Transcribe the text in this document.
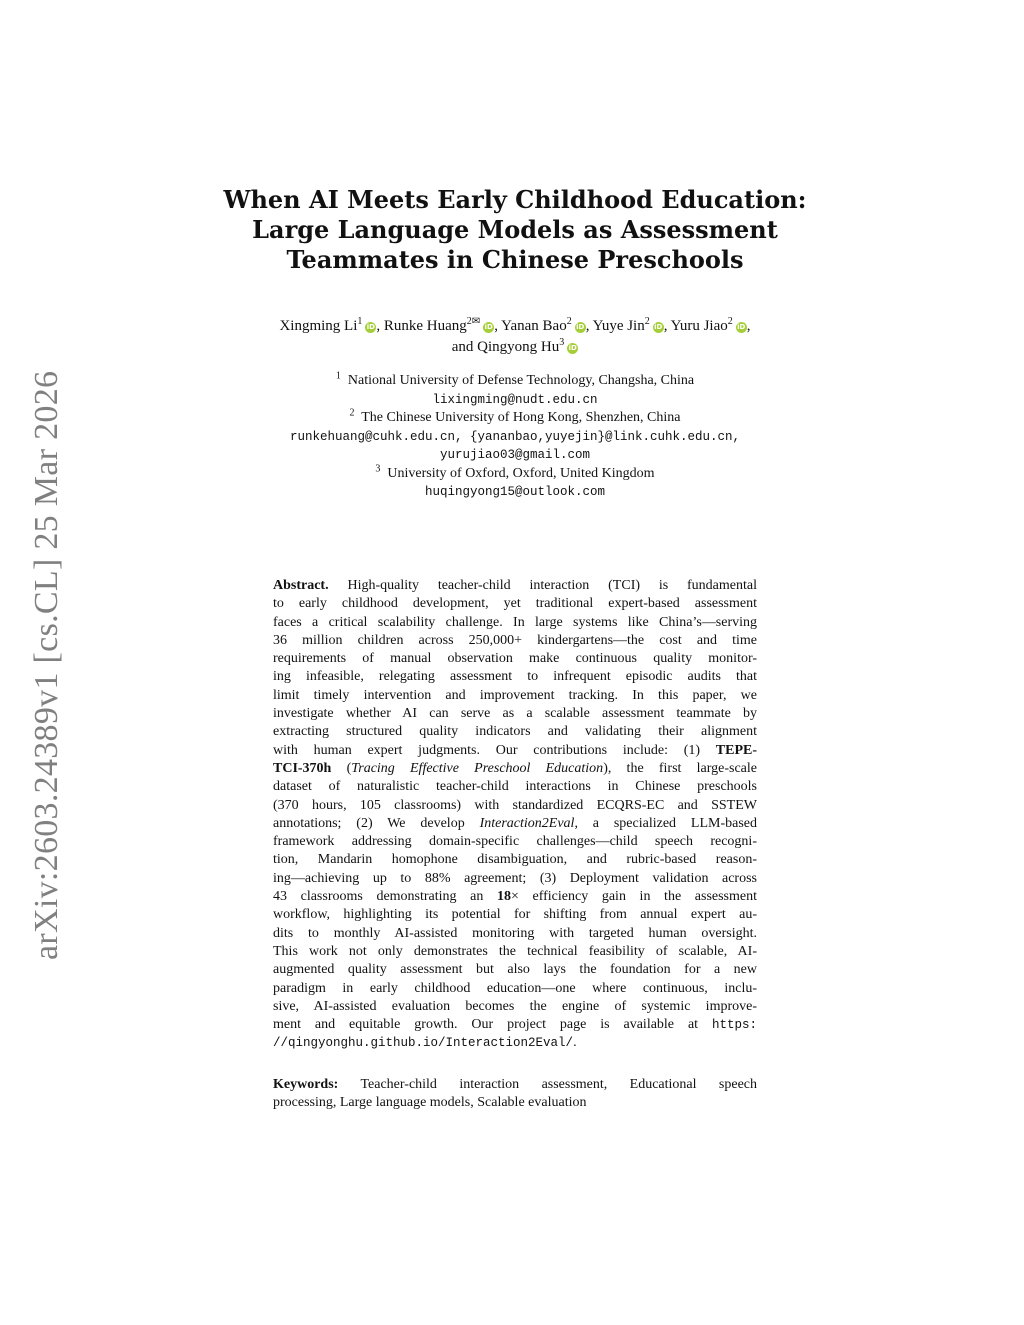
arXiv:2603.24389v1 [cs.CL] 25 Mar 2026
When AI Meets Early Childhood Education:
Large Language Models as Assessment
Teammates in Chinese Preschools
Xingming Li$^1$ iD, Runke Huang$^{2✉}$ iD, Yanan Bao$^2$ iD, Yuye Jin$^2$ iD, Yuru Jiao$^2$ iD,
and Qingyong Hu$^3$ iD
$^1$ National University of Defense Technology, Changsha, China
lixingming@nudt.edu.cn
$^2$ The Chinese University of Hong Kong, Shenzhen, China
runkehuang@cuhk.edu.cn, {yananbao,yuyejin}@link.cuhk.edu.cn,
yurujiao03@gmail.com
$^3$ University of Oxford, Oxford, United Kingdom
huqingyong15@outlook.com
Abstract. High-quality teacher-child interaction (TCI) is fundamental
to early childhood development, yet traditional expert-based assessment
faces a critical scalability challenge. In large systems like China’s—serving
36 million children across 250,000+ kindergartens—the cost and time
requirements of manual observation make continuous quality monitor-
ing infeasible, relegating assessment to infrequent episodic audits that
limit timely intervention and improvement tracking. In this paper, we
investigate whether AI can serve as a scalable assessment teammate by
extracting structured quality indicators and validating their alignment
with human expert judgments. Our contributions include: (1) TEPE-
TCI-370h (Tracing Effective Preschool Education), the first large-scale
dataset of naturalistic teacher-child interactions in Chinese preschools
(370 hours, 105 classrooms) with standardized ECQRS-EC and SSTEW
annotations; (2) We develop Interaction2Eval, a specialized LLM-based
framework addressing domain-specific challenges—child speech recogni-
tion, Mandarin homophone disambiguation, and rubric-based reason-
ing—achieving up to 88% agreement; (3) Deployment validation across
43 classrooms demonstrating an 18× efficiency gain in the assessment
workflow, highlighting its potential for shifting from annual expert au-
dits to monthly AI-assisted monitoring with targeted human oversight.
This work not only demonstrates the technical feasibility of scalable, AI-
augmented quality assessment but also lays the foundation for a new
paradigm in early childhood education—one where continuous, inclu-
sive, AI-assisted evaluation becomes the engine of systemic improve-
ment and equitable growth. Our project page is available at https:
//qingyonghu.github.io/Interaction2Eval/.
Keywords: Teacher-child interaction assessment, Educational speech
processing, Large language models, Scalable evaluation
